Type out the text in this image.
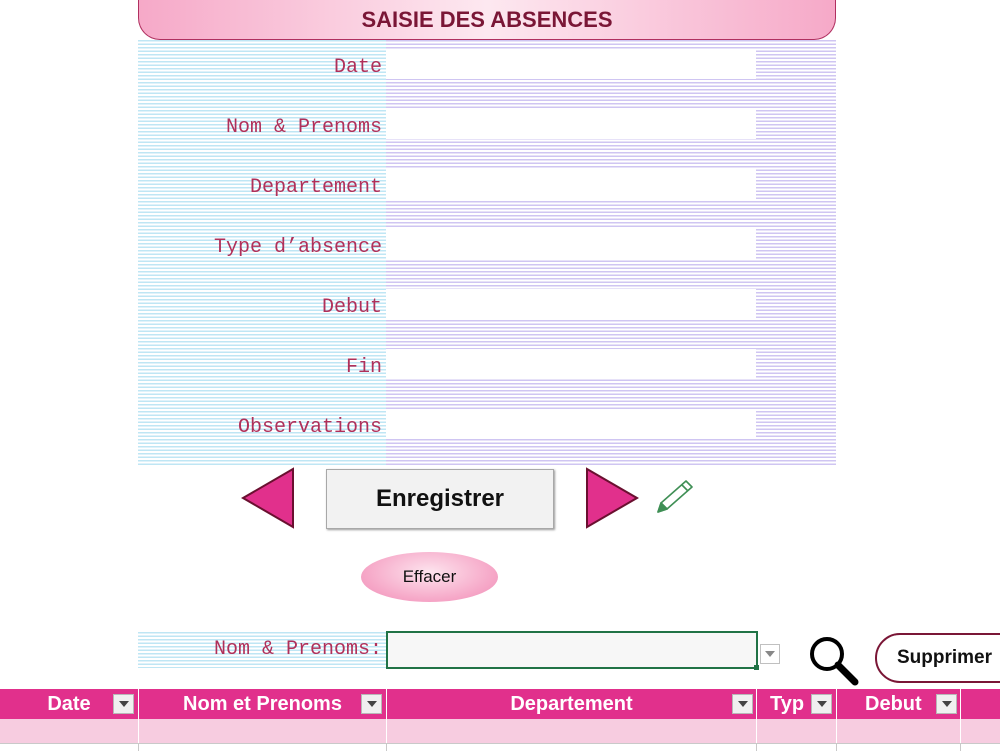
SAISIE DES ABSENCES
Date
Nom & Prenoms
Departement
Type d’absence
Debut
Fin
Observations
Enregistrer
Effacer
Nom & Prenoms:	Supprimer
Date	Nom et Prenoms	Departement	Typ	Debut
